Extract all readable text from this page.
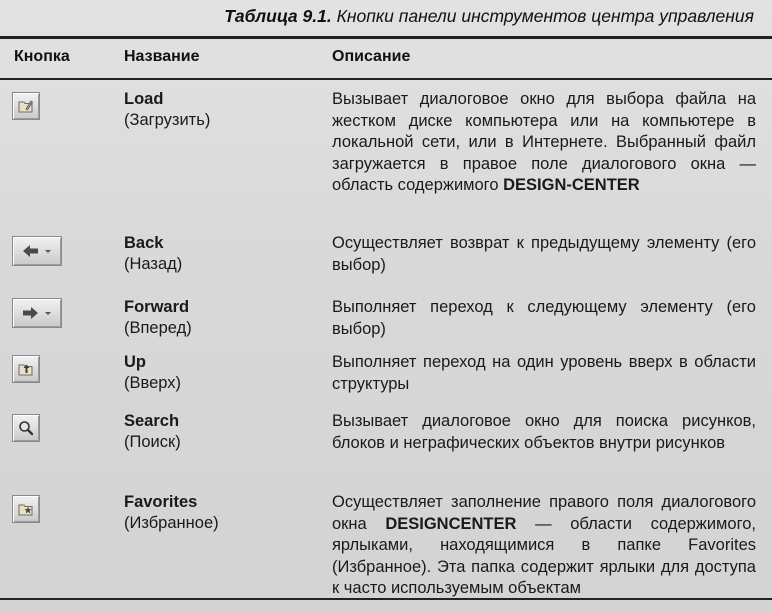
Таблица 9.1. Кнопки панели инструментов центра управления
Кнопка	Название	Описание
Load
(Загрузить)
Вызывает диалоговое окно для выбора файла на жестком диске компьютера или на компьютере в локальной сети, или в Интернете. Выбранный файл загружается в правое поле диалогового окна — область содержимого DESIGN-CENTER
Back
(Назад)
Осуществляет возврат к предыдущему элементу (его выбор)
Forward
(Вперед)
Выполняет переход к следующему элементу (его выбор)
Up
(Вверх)
Выполняет переход на один уровень вверх в области структуры
Search
(Поиск)
Вызывает диалоговое окно для поиска рисунков, блоков и неграфических объектов внутри рисунков
Favorites
(Избранное)
Осуществляет заполнение правого поля диалогового окна DESIGNCENTER — области содержимого, ярлыками, находящимися в папке Favorites (Избранное). Эта папка содержит ярлыки для доступа к часто используемым объектам
